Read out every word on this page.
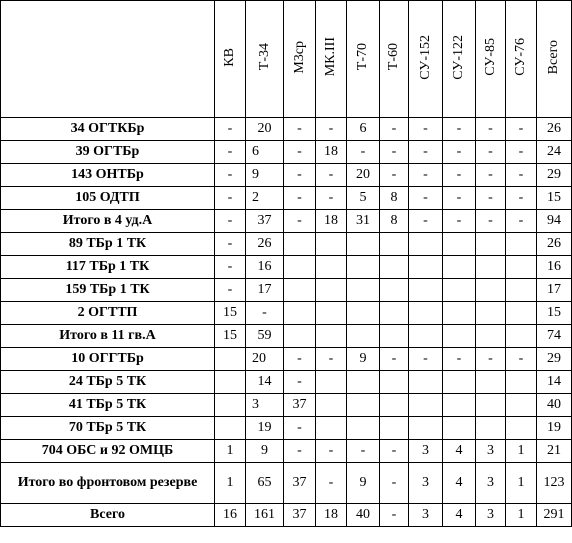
	КВ	Т-34	М3ср	МК.III	Т-70	Т-60	СУ-152	СУ-122	СУ-85	СУ-76	Всего
34 ОГТКБр	-	20	-	-	6	-	-	-	-	-	26
39 ОГТБр	-	6	-	18	-	-	-	-	-	-	24
143 ОНТБр	-	9	-	-	20	-	-	-	-	-	29
105 ОДТП	-	2	-	-	5	8	-	-	-	-	15
Итого в 4 уд.А	-	37	-	18	31	8	-	-	-	-	94
89 ТБр 1 ТК	-	26									26
117 ТБр 1 ТК	-	16									16
159 ТБр 1 ТК	-	17									17
2 ОГТТП	15	-									15
Итого в 11 гв.А	15	59									74
10 ОГГТБр		20	-	-	9	-	-	-	-	-	29
24 ТБр 5 ТК		14	-								14
41 ТБр 5 ТК		3	37								40
70 ТБр 5 ТК		19	-								19
704 ОБС и 92 ОМЦБ	1	9	-	-	-	-	3	4	3	1	21
Итого во фронтовом резерве	1	65	37	-	9	-	3	4	3	1	123
Всего	16	161	37	18	40	-	3	4	3	1	291
